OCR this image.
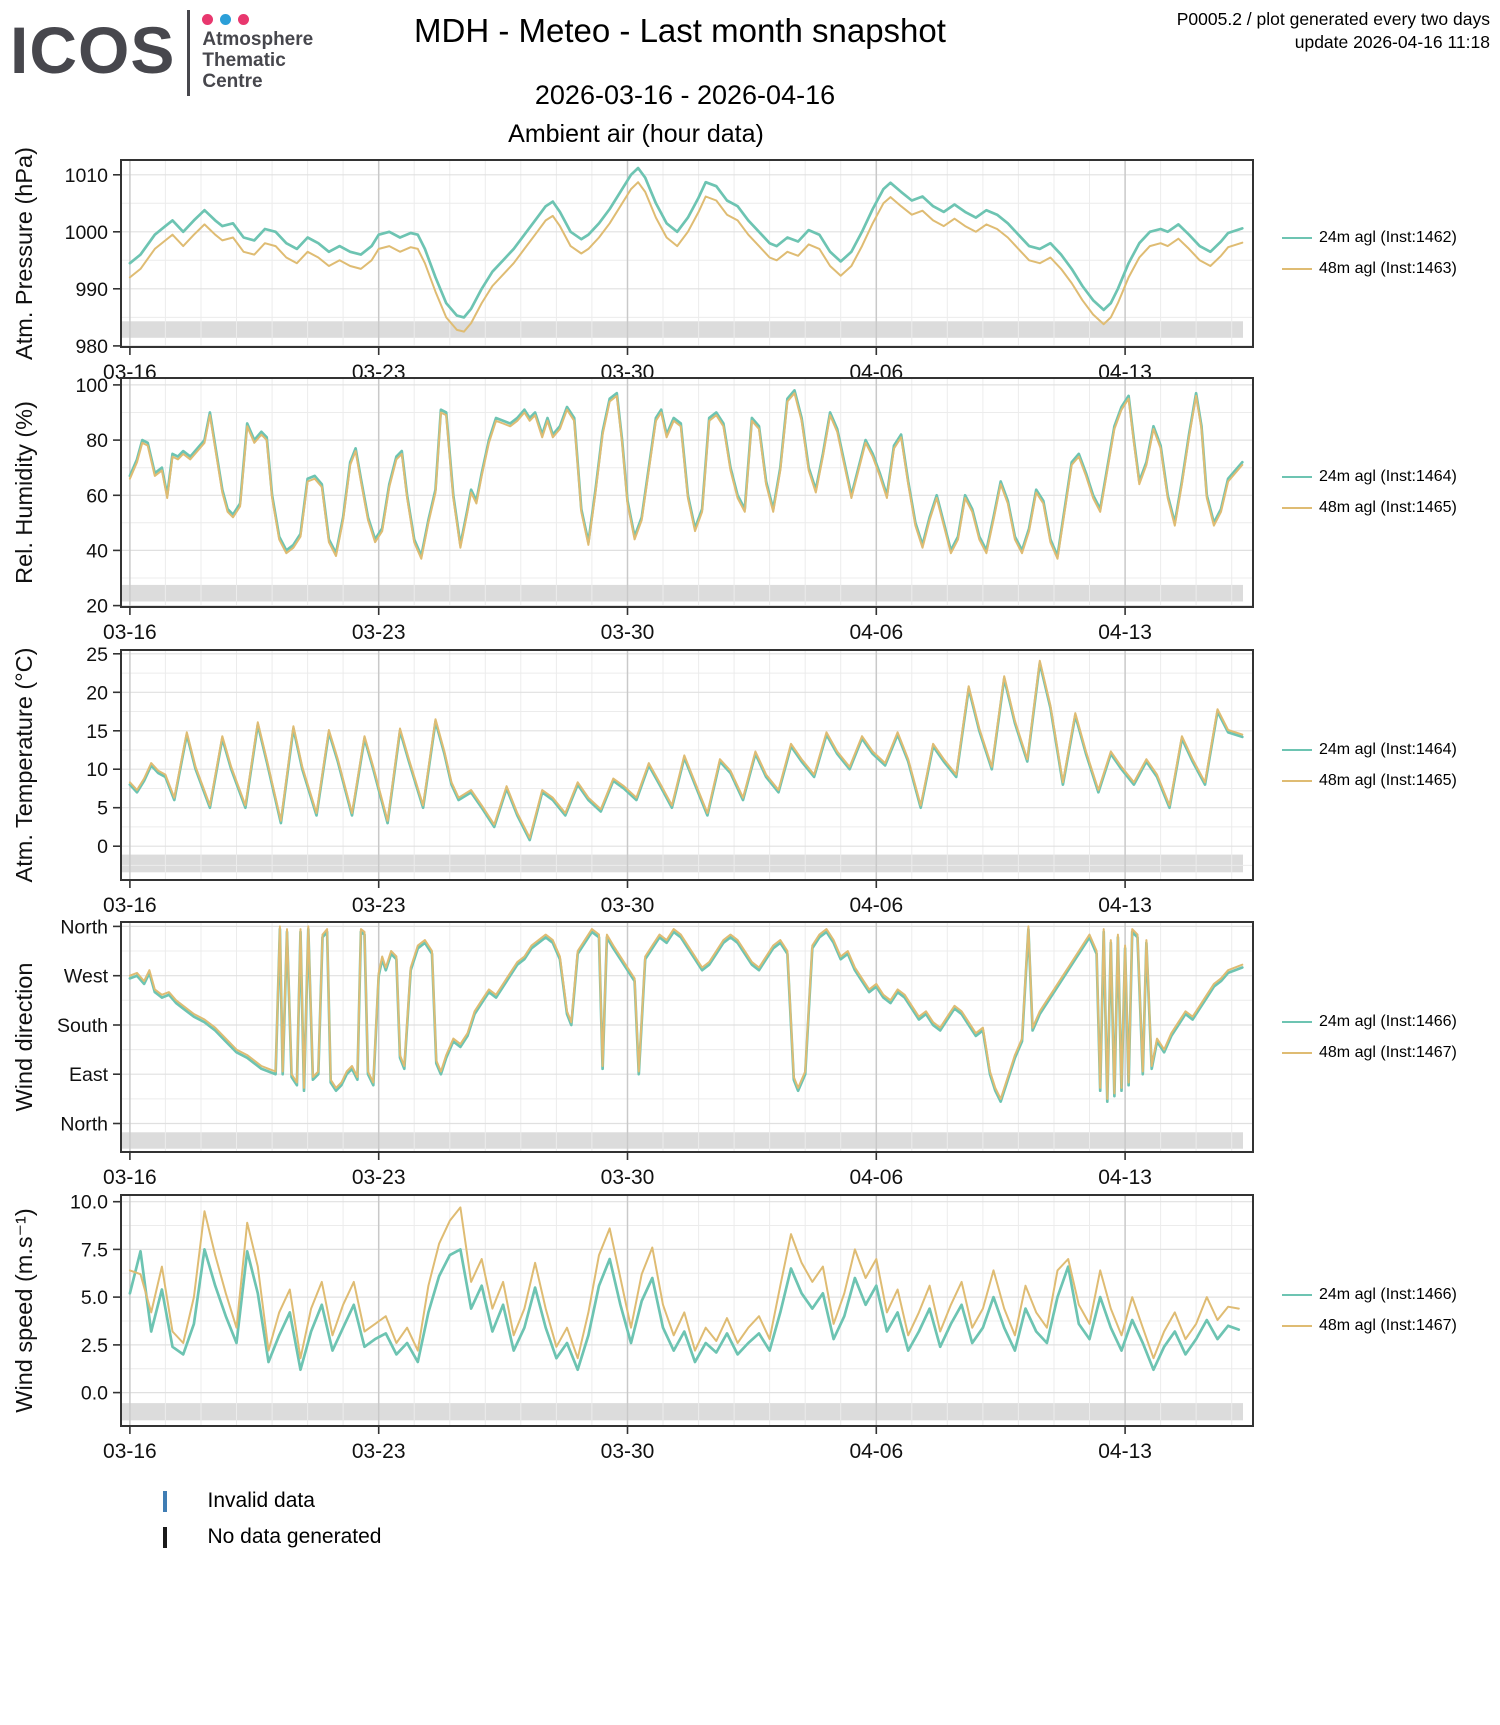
ICOS Atmosphere
Thematic
Centre
MDH - Meteo - Last month snapshot	P0005.2 / plot generated every two days
update 2026-04-16 11:18
2026-03-16 - 2026-04-16
Ambient air (hour data)
980
990
1000
1010
03-16	03-23	03-30	04-06	04-13
Atm. Pressure (hPa)
20
40
60
80
100
03-16	03-23	03-30	04-06	04-13
Rel. Humidity (%)
0
5
10
15
20
25
03-16	03-23	03-30	04-06	04-13
Atm. Temperature (°C)
North
East
South
West
North
03-16	03-23	03-30	04-06	04-13
Wind direction
0.0
2.5
5.0
7.5
10.0
03-16	03-23	03-30	04-06	04-13
Wind speed (m.s⁻¹)
24m agl (Inst:1462)
48m agl (Inst:1463)
24m agl (Inst:1464)
48m agl (Inst:1465)
24m agl (Inst:1464)
48m agl (Inst:1465)
24m agl (Inst:1466)
48m agl (Inst:1467)
24m agl (Inst:1466)
48m agl (Inst:1467)
Invalid data
No data generated
